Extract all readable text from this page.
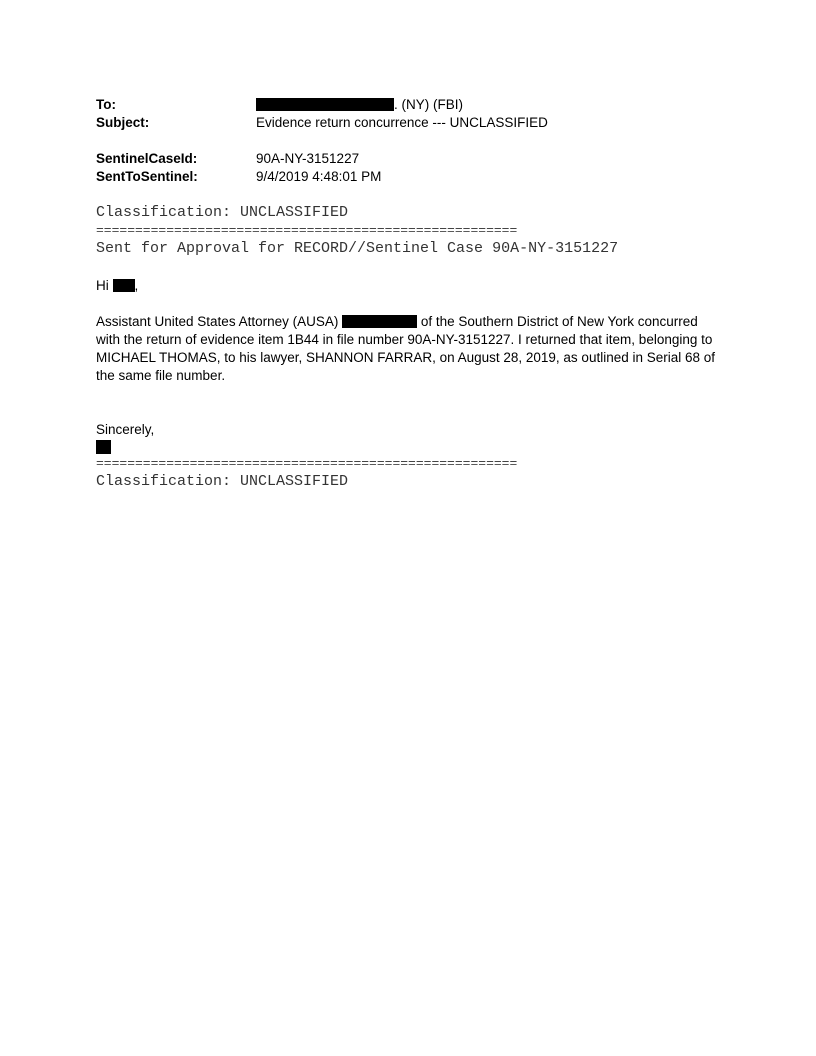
To:	. (NY) (FBI)
Subject:	Evidence return concurrence --- UNCLASSIFIED
SentinelCaseId:	90A-NY-3151227
SentToSentinel:	9/4/2019 4:48:01 PM
Classification: UNCLASSIFIED
======================================================
Sent for Approval for RECORD//Sentinel Case 90A-NY-3151227
Hi ,
Assistant United States Attorney (AUSA)	of the Southern District of New York concurred with the return of evidence item 1B44 in file number 90A-NY-3151227. I returned that item, belonging to MICHAEL THOMAS, to his lawyer, SHANNON FARRAR, on August 28, 2019, as outlined in Serial 68 of the same file number.
Sincerely,
======================================================
Classification: UNCLASSIFIED
